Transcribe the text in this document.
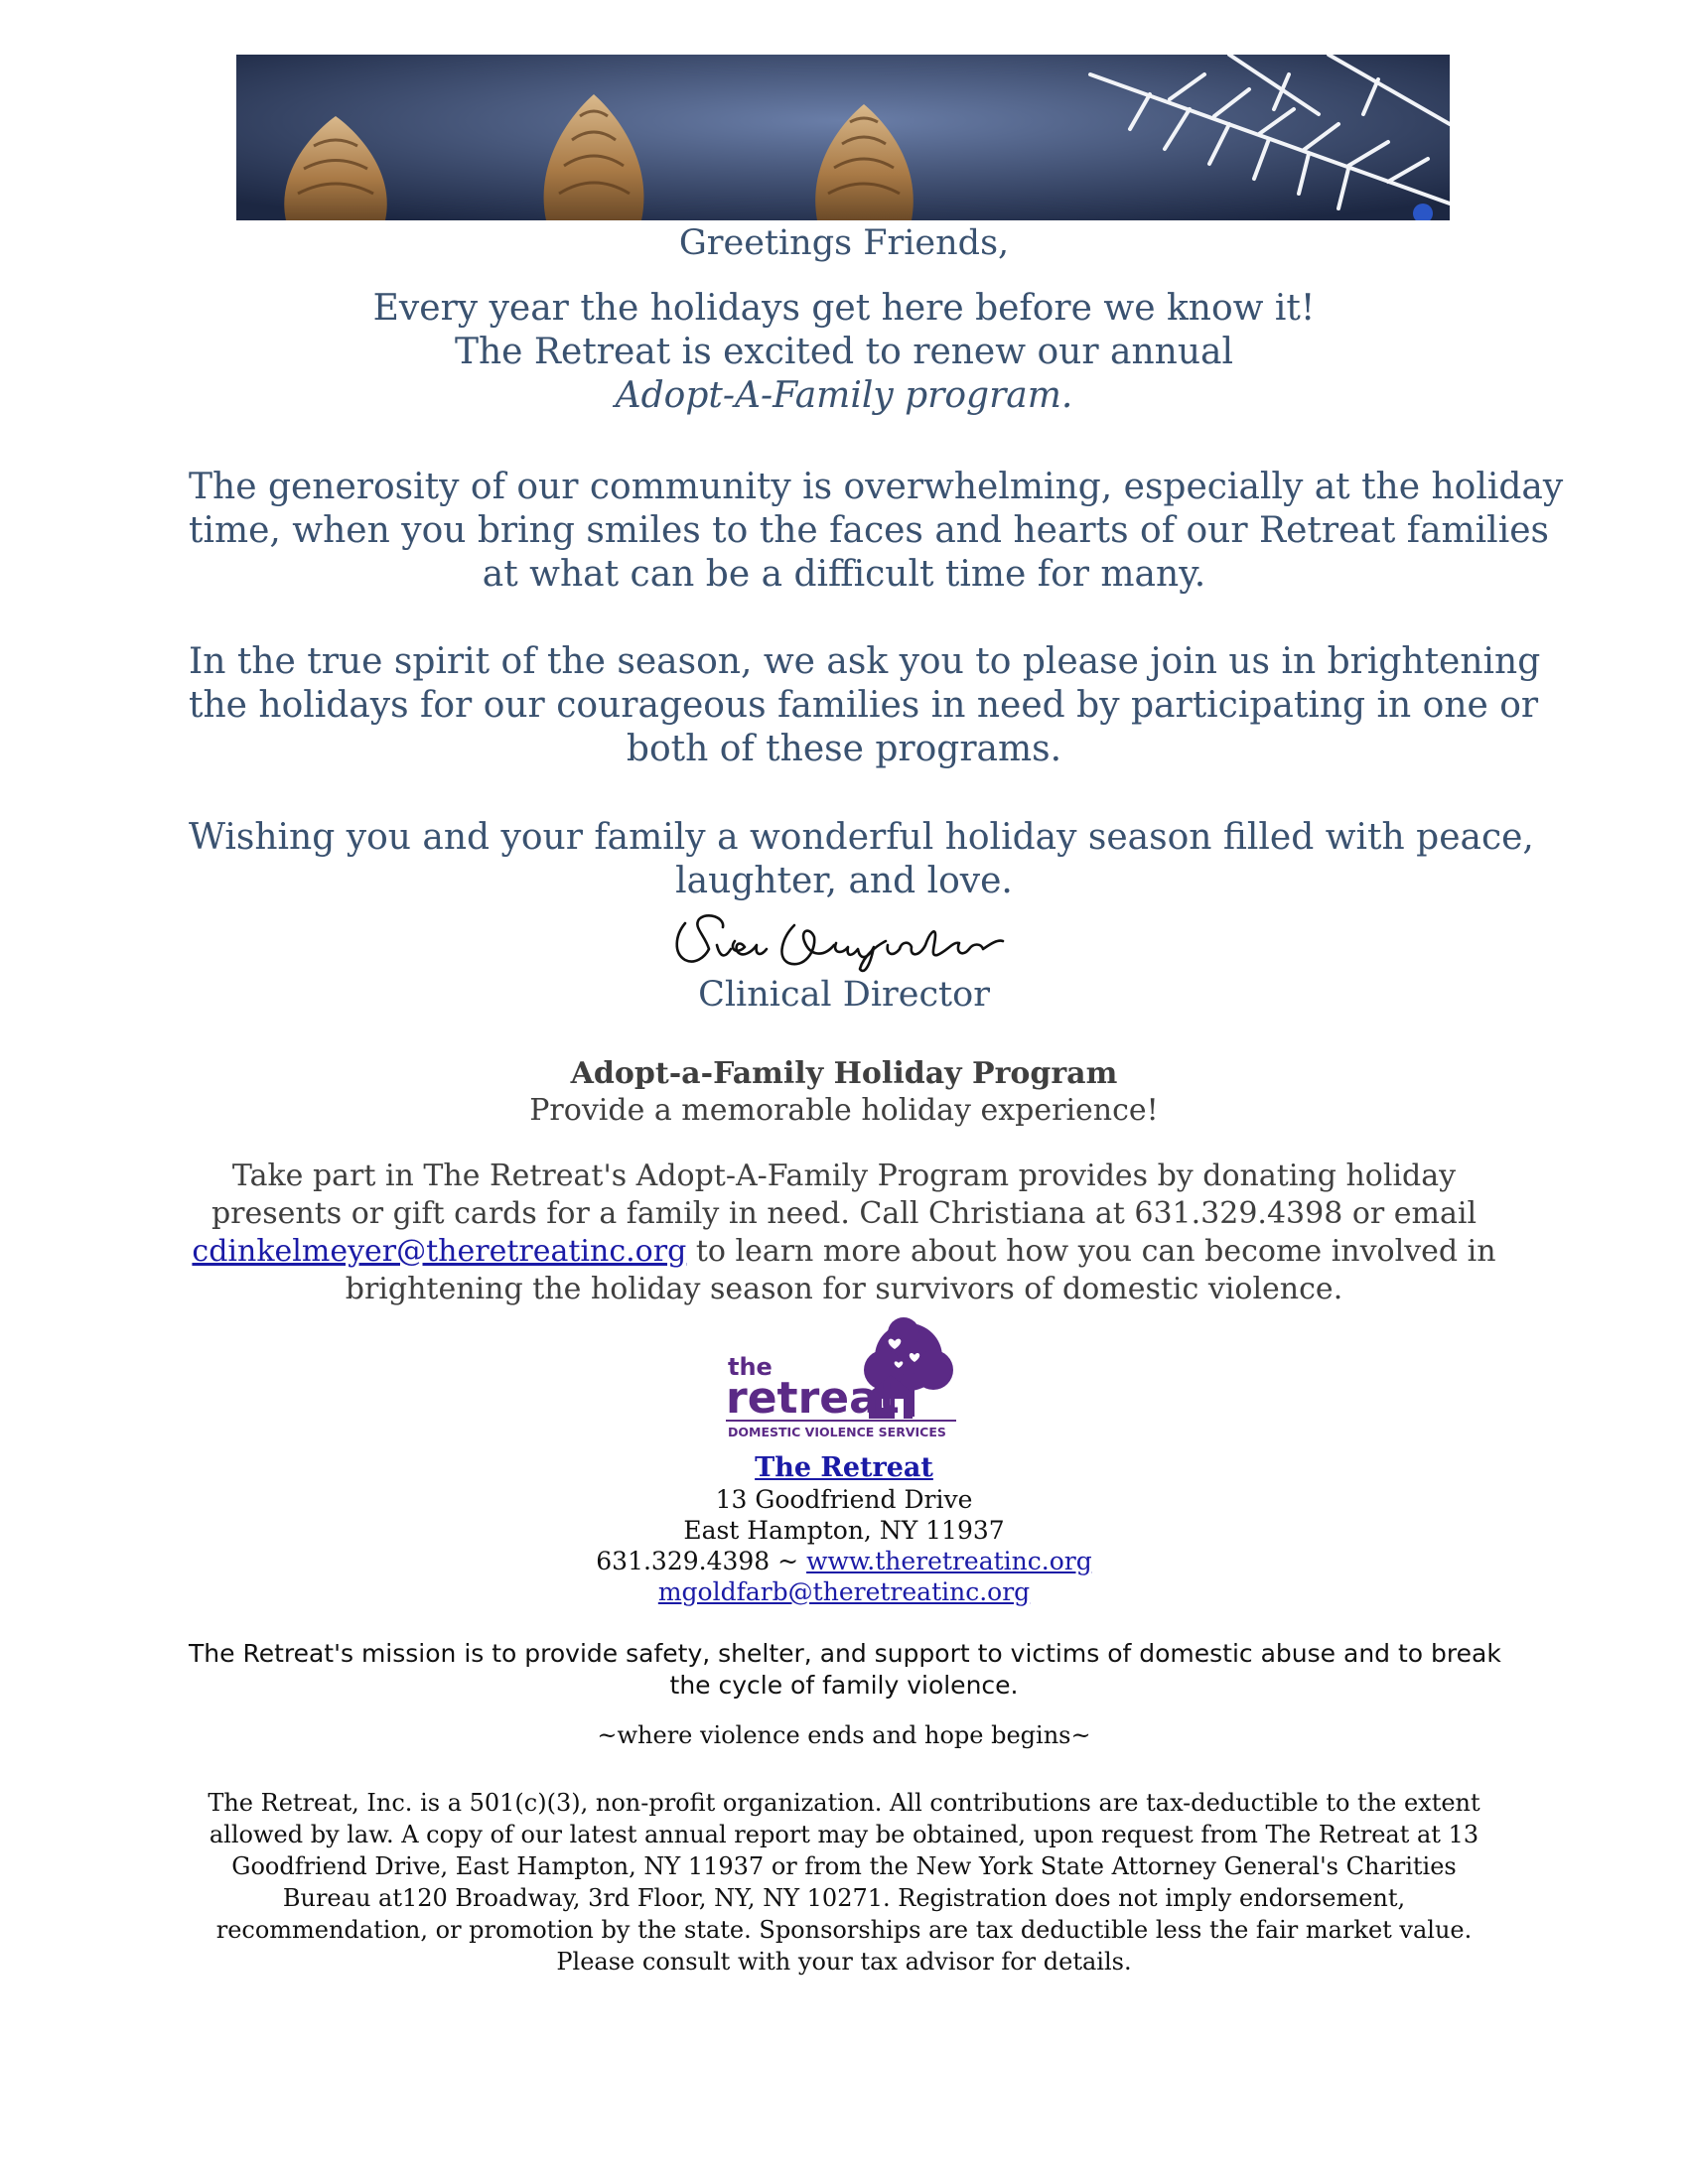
Greetings Friends,
Every year the holidays get here before we know it!
The Retreat is excited to renew our annual
Adopt-A-Family program.
The generosity of our community is overwhelming, especially at the holiday
time, when you bring smiles to the faces and hearts of our Retreat families
at what can be a difficult time for many.
In the true spirit of the season, we ask you to please join us in brightening
the holidays for our courageous families in need by participating in one or
both of these programs.
Wishing you and your family a wonderful holiday season filled with peace,
laughter, and love.
Clinical Director
Adopt-a-Family Holiday Program
Provide a memorable holiday experience!
Take part in The Retreat's Adopt-A-Family Program provides by donating holiday
presents or gift cards for a family in need. Call Christiana at 631.329.4398 or email
cdinkelmeyer@theretreatinc.org to learn more about how you can become involved in
brightening the holiday season for survivors of domestic violence.
the
retreat
DOMESTIC VIOLENCE SERVICES
The Retreat
13 Goodfriend Drive
East Hampton, NY 11937
631.329.4398 ~ www.theretreatinc.org
mgoldfarb@theretreatinc.org
The Retreat's mission is to provide safety, shelter, and support to victims of domestic abuse and to break
the cycle of family violence.
~where violence ends and hope begins~
The Retreat, Inc. is a 501(c)(3), non-profit organization. All contributions are tax-deductible to the extent
allowed by law. A copy of our latest annual report may be obtained, upon request from The Retreat at 13
Goodfriend Drive, East Hampton, NY 11937 or from the New York State Attorney General's Charities
Bureau at120 Broadway, 3rd Floor, NY, NY 10271. Registration does not imply endorsement,
recommendation, or promotion by the state. Sponsorships are tax deductible less the fair market value.
Please consult with your tax advisor for details.
